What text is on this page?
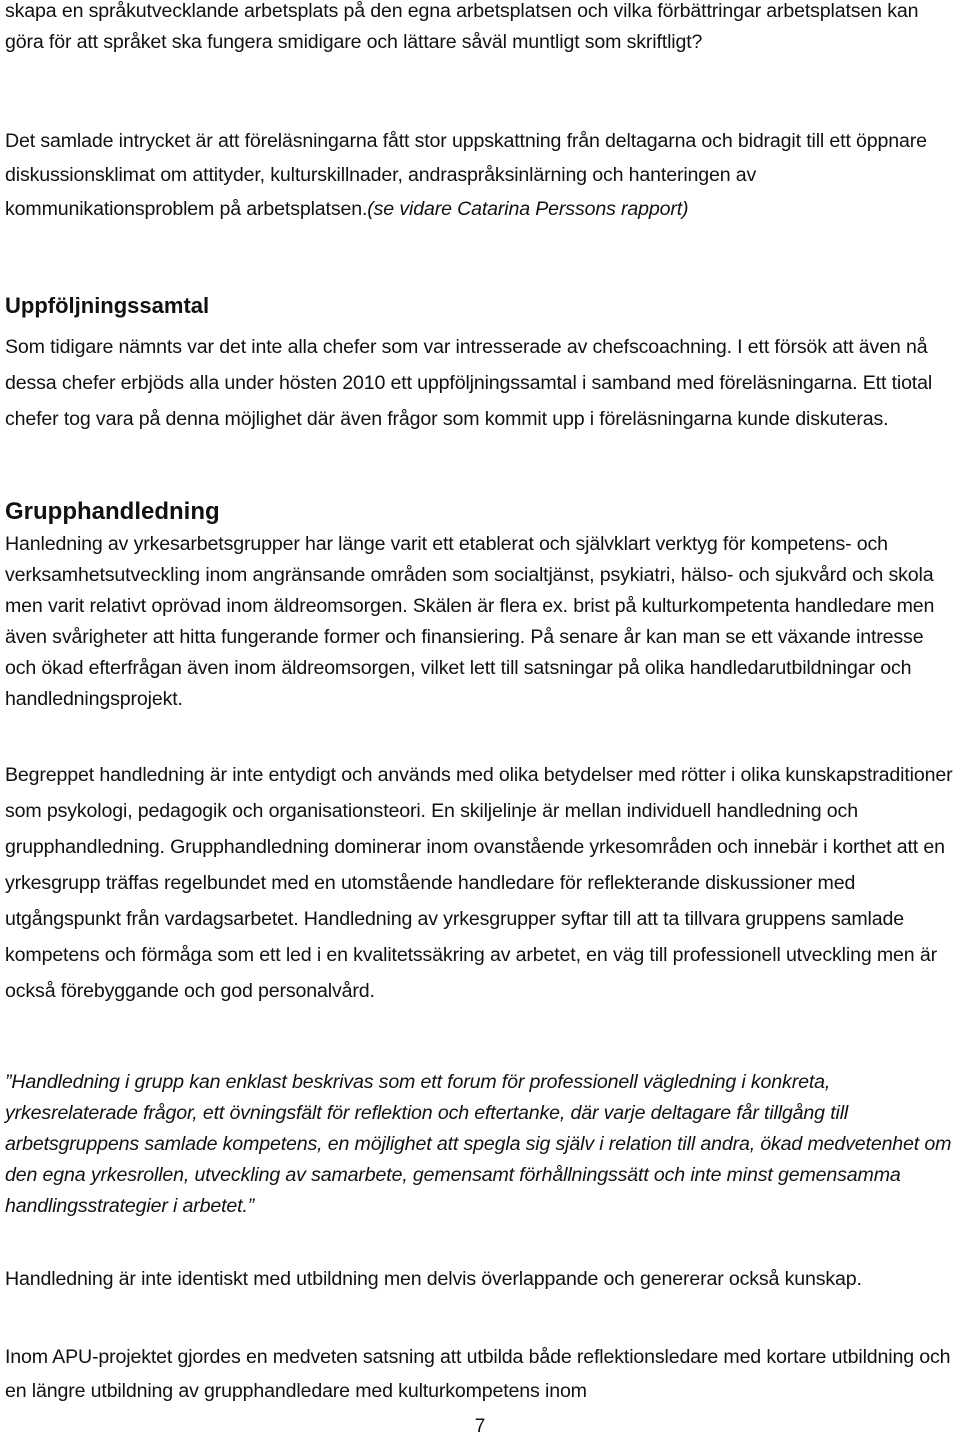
skapa en språkutvecklande arbetsplats på den egna arbetsplatsen och vilka förbättringar arbetsplatsen kan göra för att språket ska fungera smidigare och lättare såväl muntligt som skriftligt?

Det samlade intrycket är att föreläsningarna fått stor uppskattning från deltagarna och bidragit till ett öppnare diskussionsklimat om attityder, kulturskillnader, andraspråksinlärning och hanteringen av kommunikationsproblem på arbetsplatsen.(se vidare Catarina Perssons rapport)

Uppföljningssamtal

Som tidigare nämnts var det inte alla chefer som var intresserade av chefscoachning. I ett försök att även nå dessa chefer erbjöds alla under hösten 2010 ett uppföljningssamtal i samband med föreläsningarna. Ett tiotal chefer tog vara på denna möjlighet där även frågor som kommit upp i föreläsningarna kunde diskuteras.

Grupphandledning

Hanledning av yrkesarbetsgrupper har länge varit ett etablerat och självklart verktyg för kompetens- och verksamhetsutveckling inom angränsande områden som socialtjänst, psykiatri, hälso- och sjukvård och skola men varit relativt oprövad inom äldreomsorgen. Skälen är flera ex. brist på kulturkompetenta handledare men även svårigheter att hitta fungerande former och finansiering. På senare år kan man se ett växande intresse och ökad efterfrågan även inom äldreomsorgen, vilket lett till satsningar på olika handledarutbildningar och handledningsprojekt.

Begreppet handledning är inte entydigt och används med olika betydelser med rötter i olika kunskapstraditioner som psykologi, pedagogik och organisationsteori. En skiljelinje är mellan individuell handledning och grupphandledning. Grupphandledning dominerar inom ovanstående yrkesområden och innebär i korthet att en yrkesgrupp träffas regelbundet med en utomstående handledare för reflekterande diskussioner med utgångspunkt från vardagsarbetet. Handledning av yrkesgrupper syftar till att ta tillvara gruppens samlade kompetens och förmåga som ett led i en kvalitetssäkring av arbetet, en väg till professionell utveckling men är också förebyggande och god personalvård.

”Handledning i grupp kan enklast beskrivas som ett forum för professionell vägledning i konkreta, yrkesrelaterade frågor, ett övningsfält för reflektion och eftertanke, där varje deltagare får tillgång till arbetsgruppens samlade kompetens, en möjlighet att spegla sig själv i relation till andra, ökad medvetenhet om den egna yrkesrollen, utveckling av samarbete, gemensamt förhållningssätt och inte minst gemensamma handlingsstrategier i arbetet.”

Handledning är inte identiskt med utbildning men delvis överlappande och genererar också kunskap.

Inom APU-projektet gjordes en medveten satsning att utbilda både reflektionsledare med kortare utbildning och en längre utbildning av grupphandledare med kulturkompetens inom

7
